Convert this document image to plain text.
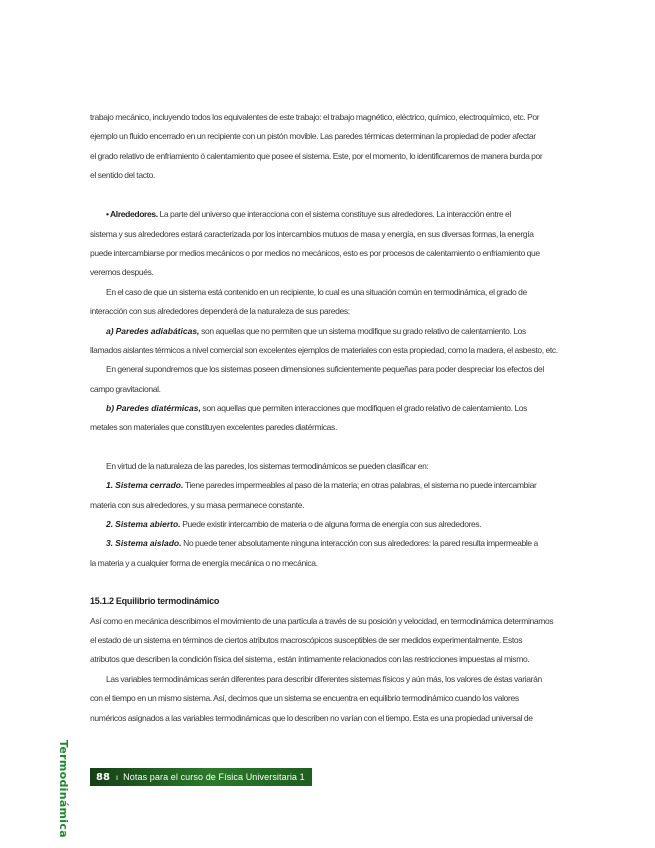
trabajo mecánico, incluyendo todos los equivalentes de este trabajo: el trabajo magnético, eléctrico, químico, electroquímico, etc. Por
ejemplo un fluido encerrado en un recipiente con un pistón movible. Las paredes térmicas determinan la propiedad de poder afectar
el grado relativo de enfriamiento ó calentamiento que posee el sistema. Este, por el momento, lo identificaremos de manera burda por
el sentido del tacto.
• Alrededores. La parte del universo que interacciona con el sistema constituye sus alrededores. La interacción entre el
sistema y sus alrededores estará caracterizada por los intercambios mutuos de masa y energía, en sus diversas formas, la energía
puede intercambiarse por medios mecánicos o por medios no mecánicos, esto es por procesos de calentamiento o enfriamiento que
veremos después.
En el caso de que un sistema está contenido en un recipiente, lo cual es una situación común en termodinámica, el grado de
interacción con sus alrededores dependerá de la naturaleza de sus paredes:
a) Paredes adiabáticas, son aquellas que no permiten que un sistema modifique su grado relativo de calentamiento. Los
llamados aislantes térmicos a nivel comercial son excelentes ejemplos de materiales con esta propiedad, como la madera, el asbesto, etc.
En general supondremos que los sistemas poseen dimensiones suficientemente pequeñas para poder despreciar los efectos del
campo gravitacional.
b) Paredes diatérmicas, son aquellas que permiten interacciones que modifiquen el grado relativo de calentamiento. Los
metales son materiales que constituyen excelentes paredes diatérmicas.
En virtud de la naturaleza de las paredes, los sistemas termodinámicos se pueden clasificar en:
1. Sistema cerrado. Tiene paredes impermeables al paso de la materia; en otras palabras, el sistema no puede intercambiar
materia con sus alrededores, y su masa permanece constante.
2. Sistema abierto. Puede existir intercambio de materia o de alguna forma de energía con sus alrededores.
3. Sistema aislado. No puede tener absolutamente ninguna interacción con sus alrededores: la pared resulta impermeable a
la materia y a cualquier forma de energía mecánica o no mecánica.
15.1.2 Equilibrio termodinámico
Así como en mecánica describimos el movimiento de una partícula a través de su posición y velocidad, en termodinámica determinamos
el estado de un sistema en términos de ciertos atributos macroscópicos susceptibles de ser medidos experimentalmente. Estos
atributos que describen la condición física del sistema , están íntimamente relacionados con las restricciones impuestas al mismo.
Las variables termodinámicas serán diferentes para describir diferentes sistemas físicos y aún más, los valores de éstas variarán
con el tiempo en un mismo sistema. Así, decimos que un sistema se encuentra en equilibrio termodinámico cuando los valores
numéricos asignados a las variables termodinámicas que lo describen no varían con el tiempo. Esta es una propiedad universal de
Termodinámica	88 ı Notas para el curso de Física Universitaria 1
